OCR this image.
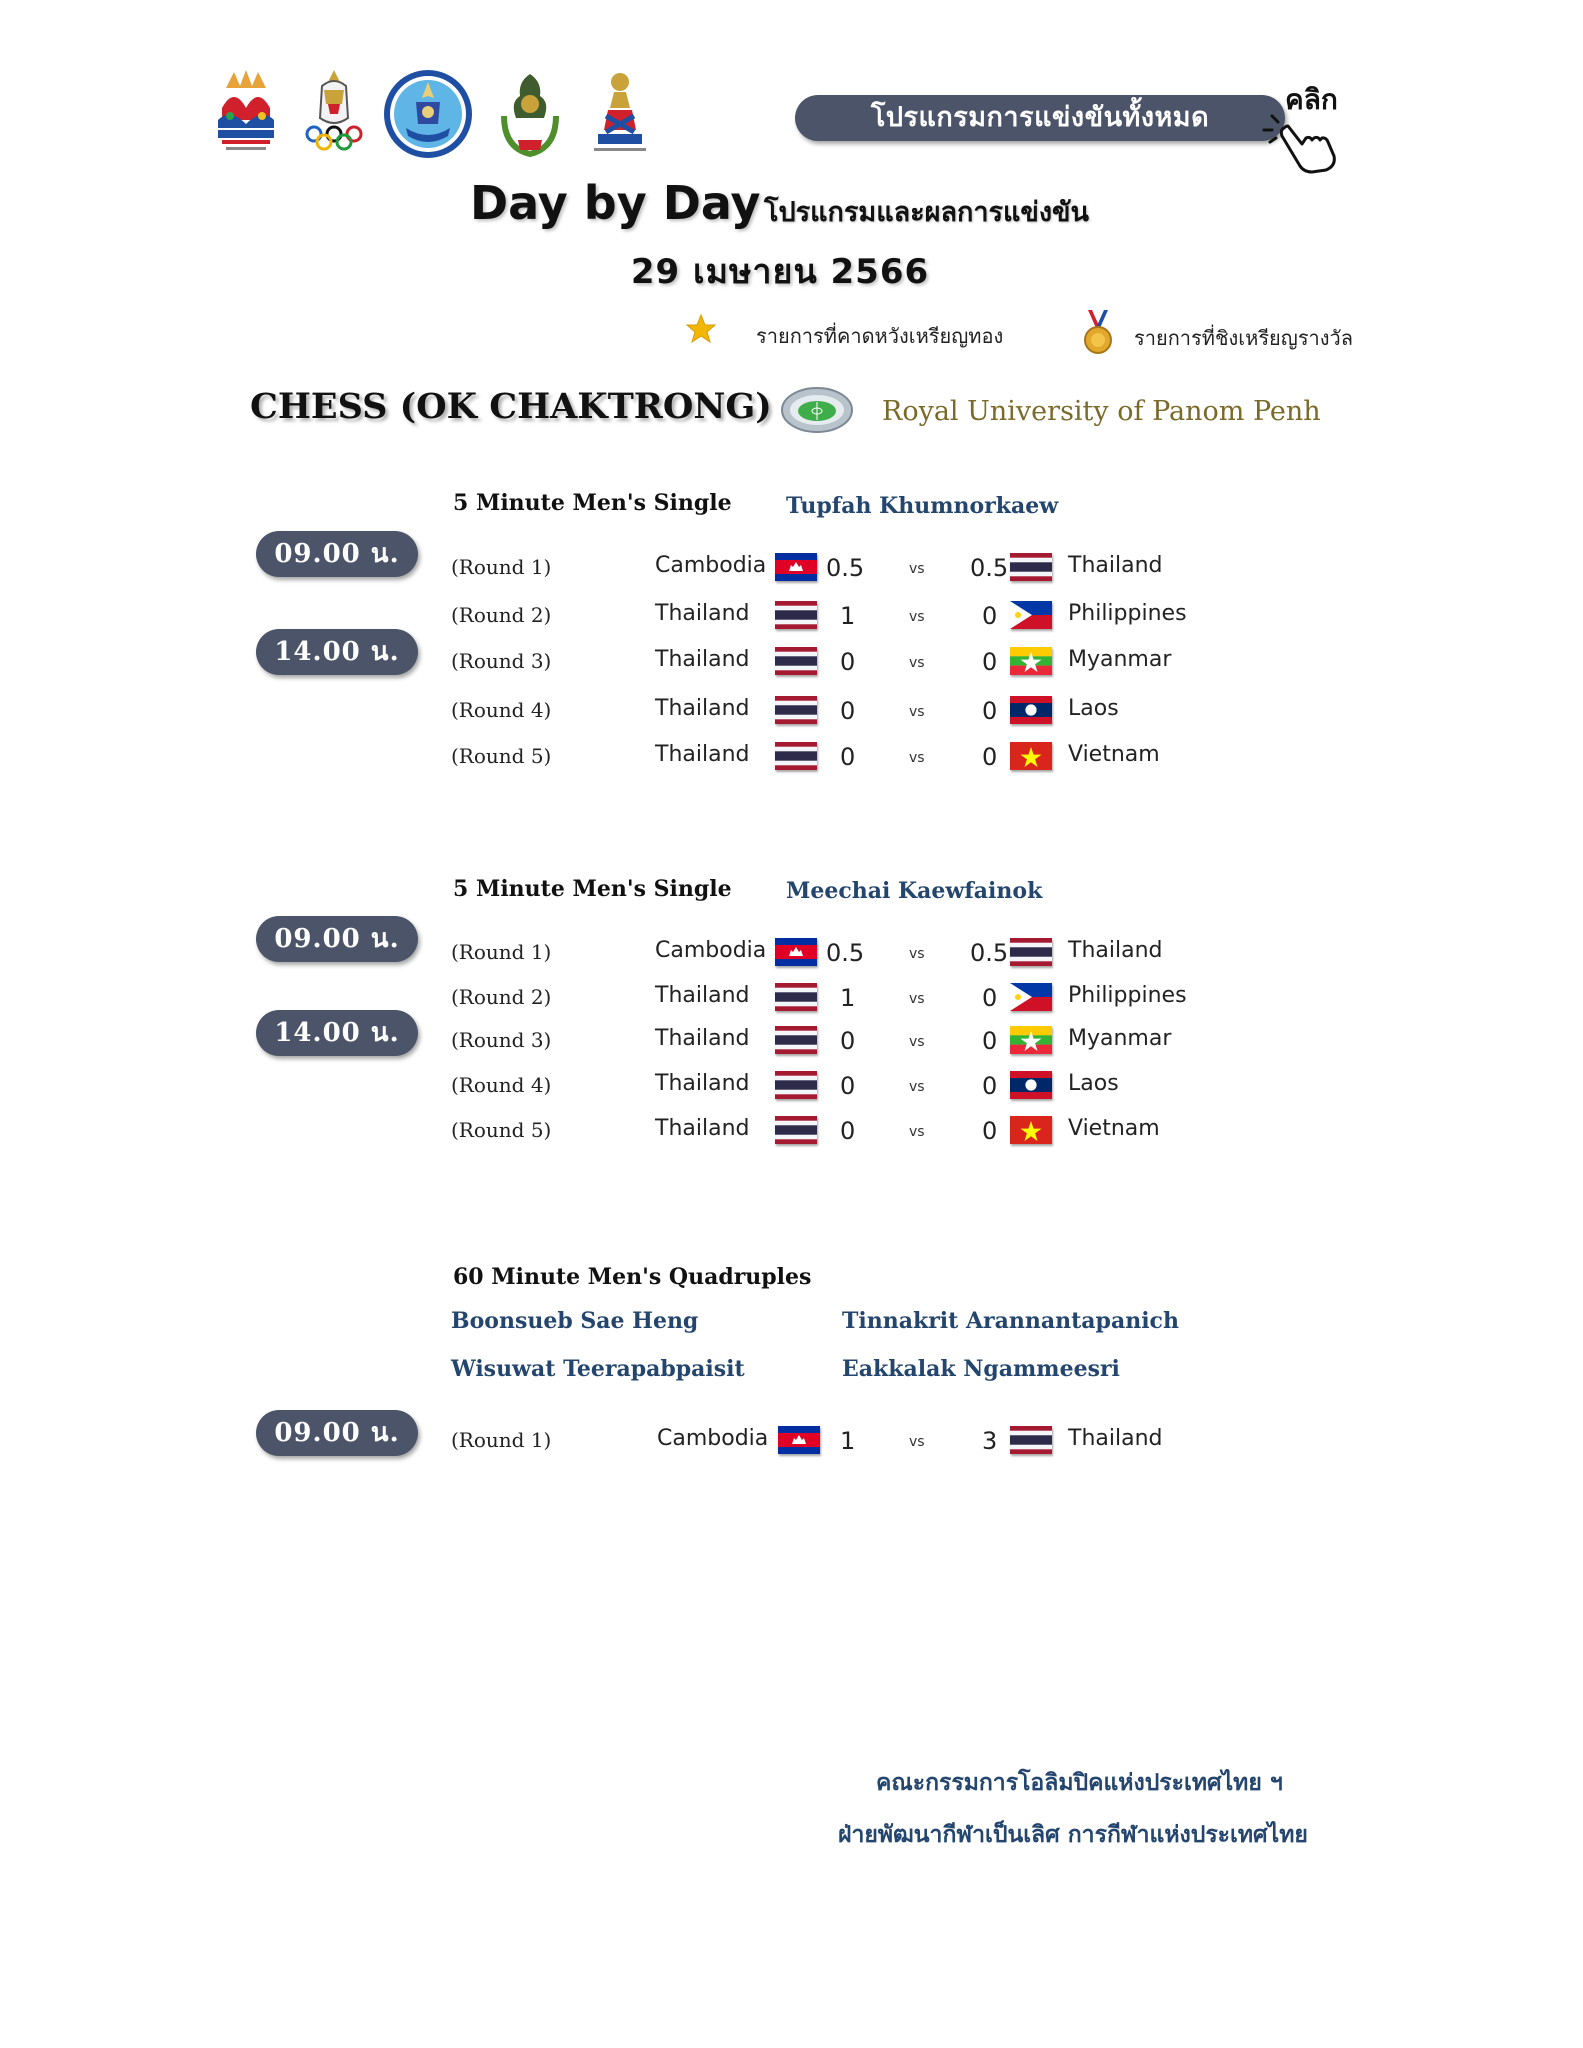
โปรแกรมการแข่งขันทั้งหมด
คลิก
Day by Day โปรแกรมและผลการแข่งขัน
29 เมษายน 2566
รายการที่คาดหวังเหรียญทอง	รายการที่ชิงเหรียญรางวัล
CHESS (OK CHAKTRONG)	Royal University of Panom Penh
5 Minute Men's Single Tupfah Khumnorkaew
09.00 น.
14.00 น.
(Round 1)	Cambodia 0.5	vs 0.5	Thailand
(Round 2)	Thailand	1	vs 0	Philippines
(Round 3)	Thailand	0	vs 0	Myanmar
(Round 4)	Thailand	0	vs 0	Laos
(Round 5)	Thailand	0	vs 0	Vietnam
5 Minute Men's Single Meechai Kaewfainok
09.00 น.
14.00 น.
(Round 1)	Cambodia 0.5	vs 0.5	Thailand
(Round 2)	Thailand	1	vs 0	Philippines
(Round 3)	Thailand	0	vs 0	Myanmar
(Round 4)	Thailand	0	vs 0	Laos
(Round 5)	Thailand	0	vs 0	Vietnam
60 Minute Men's Quadruples
Boonsueb Sae Heng	Tinnakrit Arannantapanich
Wisuwat Teerapabpaisit	Eakkalak Ngammeesri
09.00 น.	(Round 1)	Cambodia	1	vs 3	Thailand
คณะกรรมการโอลิมปิคแห่งประเทศไทย ฯ
ฝ่ายพัฒนากีฬาเป็นเลิศ การกีฬาแห่งประเทศไทย
